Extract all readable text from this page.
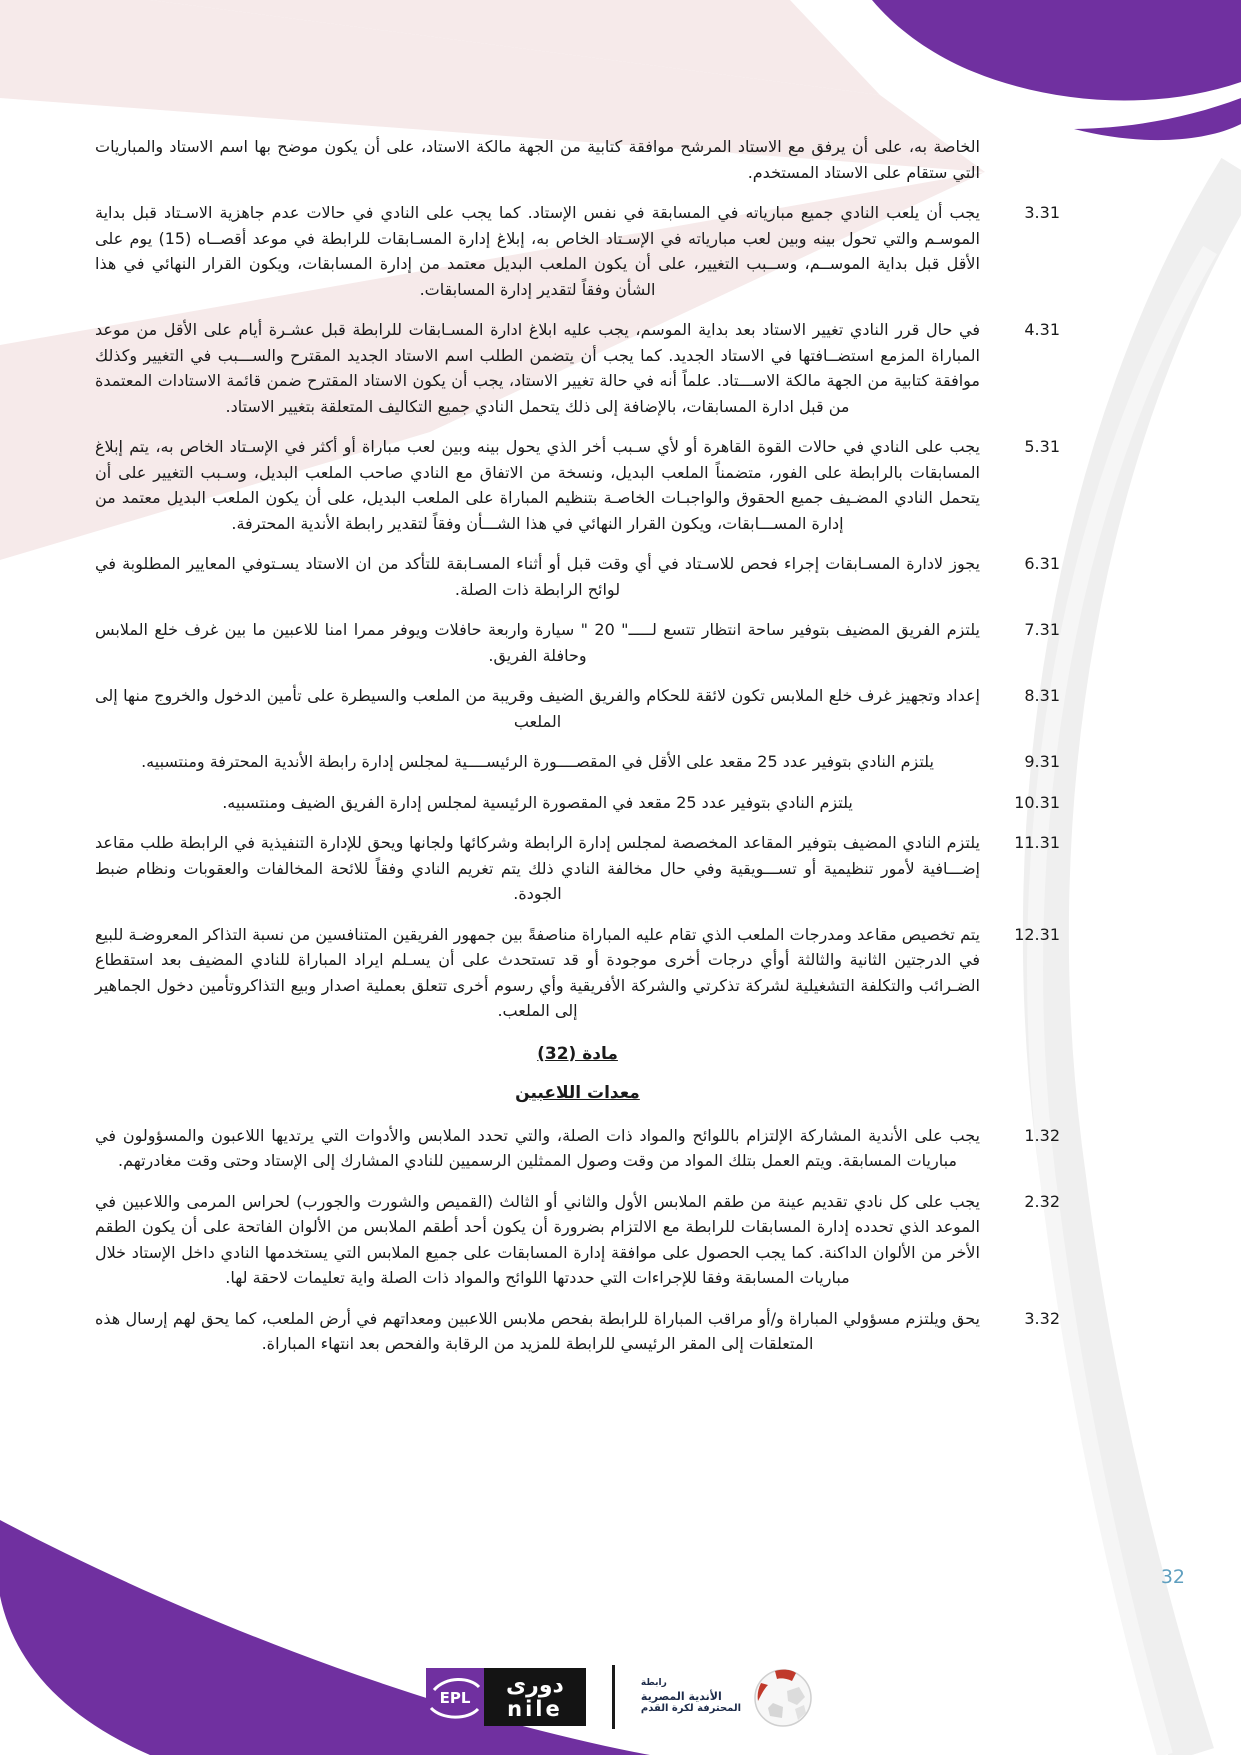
الخاصة به، على أن يرفق مع الاستاد المرشح موافقة كتابية من الجهة مالكة الاستاد، على أن يكون موضح بها اسم الاستاد والمباريات التي ستقام على الاستاد المستخدم.

3.31

يجب أن يلعب النادي جميع مبارياته في المسابقة في نفس الإستاد. كما يجب على النادي في حالات عدم جاهزية الاسـتاد قبل بداية الموسـم والتي تحول بينه وبين لعب مبارياته في الإسـتاد الخاص به، إبلاغ إدارة المسـابقات للرابطة في موعد أقصــاه (15) يوم على الأقل قبل بداية الموســم، وســبب التغيير، على أن يكون الملعب البديل معتمد من إدارة المسابقات، ويكون القرار النهائي في هذا الشأن وفقاً لتقدير إدارة المسابقات.

4.31

في حال قرر النادي تغيير الاستاد بعد بداية الموسم، يجب عليه ابلاغ ادارة المسـابقات للرابطة قبل عشـرة أيام على الأقل من موعد المباراة المزمع استضــافتها في الاستاد الجديد. كما يجب أن يتضمن الطلب اسم الاستاد الجديد المقترح والســـبب في التغيير وكذلك موافقة كتابية من الجهة مالكة الاســـتاد. علماً أنه في حالة تغيير الاستاد، يجب أن يكون الاستاد المقترح ضمن قائمة الاستادات المعتمدة من قبل ادارة المسابقات، بالإضافة إلى ذلك يتحمل النادي جميع التكاليف المتعلقة بتغيير الاستاد.

5.31

يجب على النادي في حالات القوة القاهرة أو لأي سـبب أخر الذي يحول بينه وبين لعب مباراة أو أكثر في الإسـتاد الخاص به، يتم إبلاغ المسابقات بالرابطة على الفور، متضمناً الملعب البديل، ونسخة من الاتفاق مع النادي صاحب الملعب البديل، وسـبب التغيير على أن يتحمل النادي المضـيف جميع الحقوق والواجبـات الخاصـة بتنظيم المباراة على الملعب البديل، على أن يكون الملعب البديل معتمد من إدارة المســـابقات، ويكون القرار النهائي في هذا الشـــأن وفقاً لتقدير رابطة الأندية المحترفة.

6.31

يجوز لادارة المسـابقات إجراء فحص للاسـتاد في أي وقت قبل أو أثناء المسـابقة للتأكد من ان الاستاد يسـتوفي المعايير المطلوبة في لوائح الرابطة ذات الصلة.

7.31

يلتزم الفريق المضيف بتوفير ساحة انتظار تتسع لـــــ" 20 " سيارة واربعة حافلات ويوفر ممرا امنا للاعبين ما بين غرف خلع الملابس وحافلة الفريق.

8.31

إعداد وتجهيز غرف خلع الملابس تكون لائقة للحكام والفريق الضيف وقريبة من الملعب والسيطرة على تأمين الدخول والخروج منها إلى الملعب

9.31

يلتزم النادي بتوفير عدد 25 مقعد على الأقل في المقصــــورة الرئيســــية لمجلس إدارة رابطة الأندية المحترفة ومنتسبيه.

10.31

يلتزم النادي بتوفير عدد 25 مقعد في المقصورة الرئيسية لمجلس إدارة الفريق الضيف ومنتسبيه.

11.31

يلتزم النادي المضيف بتوفير المقاعد المخصصة لمجلس إدارة الرابطة وشركائها ولجانها ويحق للإدارة التنفيذية في الرابطة طلب مقاعد إضـــافية لأمور تنظيمية أو تســـويقية وفي حال مخالفة النادي ذلك يتم تغريم النادي وفقاً للائحة المخالفات والعقوبات ونظام ضبط الجودة.

12.31

يتم تخصيص مقاعد ومدرجات الملعب الذي تقام عليه المباراة مناصفةً بين جمهور الفريقين المتنافسين من نسبة التذاكر المعروضـة للبيع في الدرجتين الثانية والثالثة أوأي درجات أخرى موجودة أو قد تستحدث على أن يسـلم ايراد المباراة للنادي المضيف بعد استقطاع الضـرائب والتكلفة التشغيلية لشركة تذكرتي والشركة الأفريقية وأي رسوم أخرى تتعلق بعملية اصدار وبيع التذاكروتأمين دخول الجماهير إلى الملعب.

مادة (32)
معدات اللاعبين
1.32

يجب على الأندية المشاركة الإلتزام باللوائح والمواد ذات الصلة، والتي تحدد الملابس والأدوات التي يرتديها اللاعبون والمسؤولون في مباريات المسابقة. ويتم العمل بتلك المواد من وقت وصول الممثلين الرسميين للنادي المشارك إلى الإستاد وحتى وقت مغادرتهم.

2.32

يجب على كل نادي تقديم عينة من طقم الملابس الأول والثاني أو الثالث (القميص والشورت والجورب) لحراس المرمى واللاعبين في الموعد الذي تحدده إدارة المسابقات للرابطة مع الالتزام بضرورة أن يكون أحد أطقم الملابس من الألوان الفاتحة على أن يكون الطقم الأخر من الألوان الداكنة. كما يجب الحصول على موافقة إدارة المسابقات على جميع الملابس التي يستخدمها النادي داخل الإستاد خلال مباريات المسابقة وفقا للإجراءات التي حددتها اللوائح والمواد ذات الصلة واية تعليمات لاحقة لها.

3.32

يحق ويلتزم مسؤولي المباراة و/أو مراقب المباراة للرابطة بفحص ملابس اللاعبين ومعداتهم في أرض الملعب، كما يحق لهم إرسال هذه المتعلقات إلى المقر الرئيسي للرابطة للمزيد من الرقابة والفحص بعد انتهاء المباراة.

32
EPL
دورى
nile
رابطة
الأندية المصرية
المحترفة لكرة القدم
